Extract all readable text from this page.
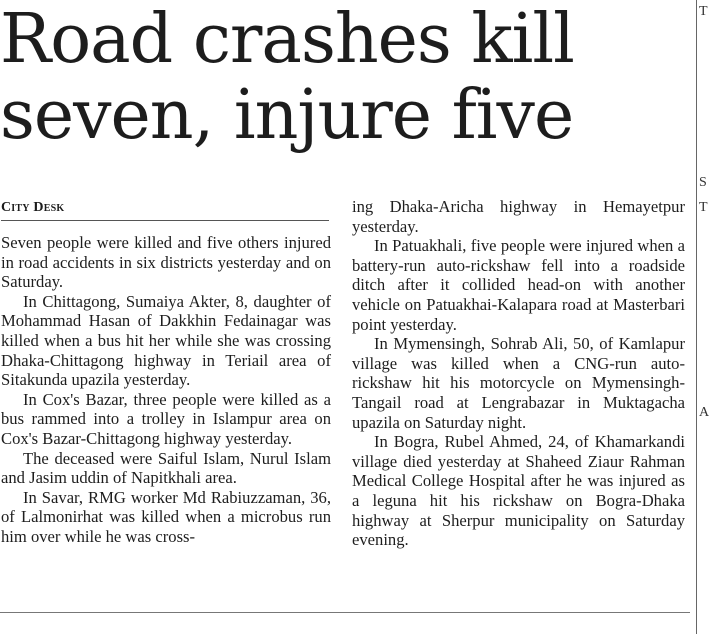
Road crashes kill
seven, injure five
City Desk

Seven people were killed and five others injured in road accidents in six districts yesterday and on Saturday.

In Chittagong, Sumaiya Akter, 8, daughter of Mohammad Hasan of Dakkhin Fedainagar was killed when a bus hit her while she was crossing Dhaka-Chittagong highway in Teriail area of Sitakunda upazila yesterday.

In Cox's Bazar, three people were killed as a bus rammed into a trolley in Islampur area on Cox's Bazar-Chittagong highway yesterday.

The deceased were Saiful Islam, Nurul Islam and Jasim uddin of Napitkhali area.

In Savar, RMG worker Md Rabiuzzaman, 36, of Lalmonirhat was killed when a microbus run him over while he was cross-

ing Dhaka-Aricha highway in Hemayetpur yesterday.

In Patuakhali, five people were injured when a battery-run auto-rickshaw fell into a roadside ditch after it collided head-on with another vehicle on Patuakhai-Kalapara road at Masterbari point yesterday.

In Mymensingh, Sohrab Ali, 50, of Kamlapur village was killed when a CNG-run auto-rickshaw hit his motorcycle on Mymensingh-Tangail road at Lengrabazar in Muktagacha upazila on Saturday night.

In Bogra, Rubel Ahmed, 24, of Khamarkandi village died yesterday at Shaheed Ziaur Rahman Medical College Hospital after he was injured as a leguna hit his rickshaw on Bogra-Dhaka highway at Sherpur municipality on Saturday evening.

T
S
T
A
